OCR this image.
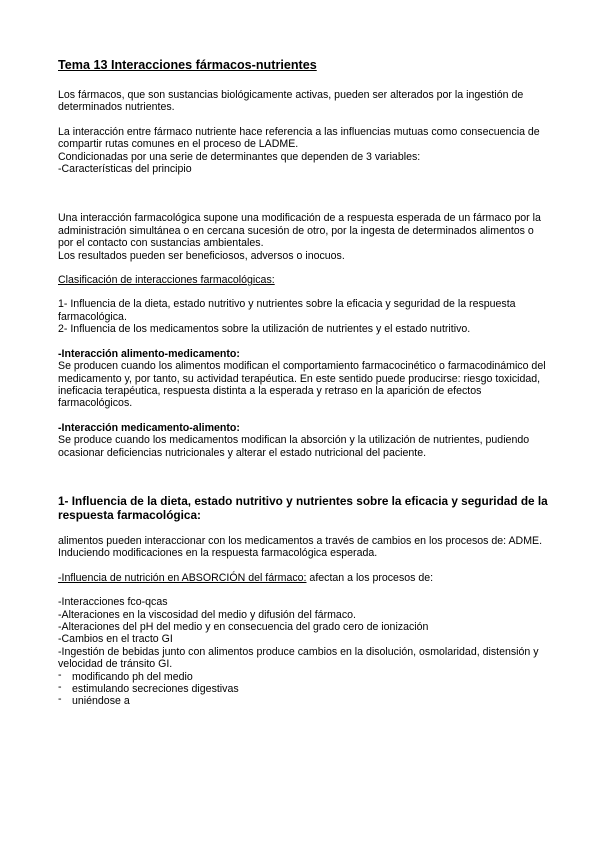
Tema 13 Interacciones fármacos-nutrientes

Los fármacos, que son sustancias biológicamente activas, pueden ser alterados por la ingestión de determinados nutrientes.

La interacción entre fármaco nutriente hace referencia a las influencias mutuas como consecuencia de compartir rutas comunes en el proceso de LADME.

Condicionadas por una serie de determinantes que dependen de 3 variables:

-Características del principio

Una interacción farmacológica supone una modificación de a respuesta esperada de un fármaco por la administración simultánea o en cercana sucesión de otro, por la ingesta de determinados alimentos o por el contacto con sustancias ambientales.

Los resultados pueden ser beneficiosos, adversos o inocuos.

Clasificación de interacciones farmacológicas:

1- Influencia de la dieta, estado nutritivo y nutrientes sobre la eficacia y seguridad de la respuesta farmacológica.

2- Influencia de los medicamentos sobre la utilización de nutrientes y el estado nutritivo.

-Interacción alimento-medicamento:

Se producen cuando los alimentos modifican el comportamiento farmacocinético o farmacodinámico del medicamento y, por tanto, su actividad terapéutica. En este sentido puede producirse: riesgo toxicidad, ineficacia terapéutica, respuesta distinta a la esperada y retraso en la aparición de efectos farmacológicos.

-Interacción medicamento-alimento:

Se produce cuando los medicamentos modifican la absorción y la utilización de nutrientes, pudiendo ocasionar deficiencias nutricionales y alterar el estado nutricional del paciente.

1- Influencia de la dieta, estado nutritivo y nutrientes sobre la eficacia y seguridad de la respuesta farmacológica:

alimentos pueden interaccionar con los medicamentos a través de cambios en los procesos de: ADME.

Induciendo modificaciones en la respuesta farmacológica esperada.

-Influencia de nutrición en ABSORCIÓN del fármaco: afectan a los procesos de:

-Interacciones fco-qcas

-Alteraciones en la viscosidad del medio y difusión del fármaco.

-Alteraciones del pH del medio y en consecuencia del grado cero de ionización

-Cambios en el tracto GI

-Ingestión de bebidas junto con alimentos produce cambios en la disolución, osmolaridad, distensión y velocidad de tránsito GI.

‐ modificando ph del medio
‐ estimulando secreciones digestivas
‐ uniéndose a
